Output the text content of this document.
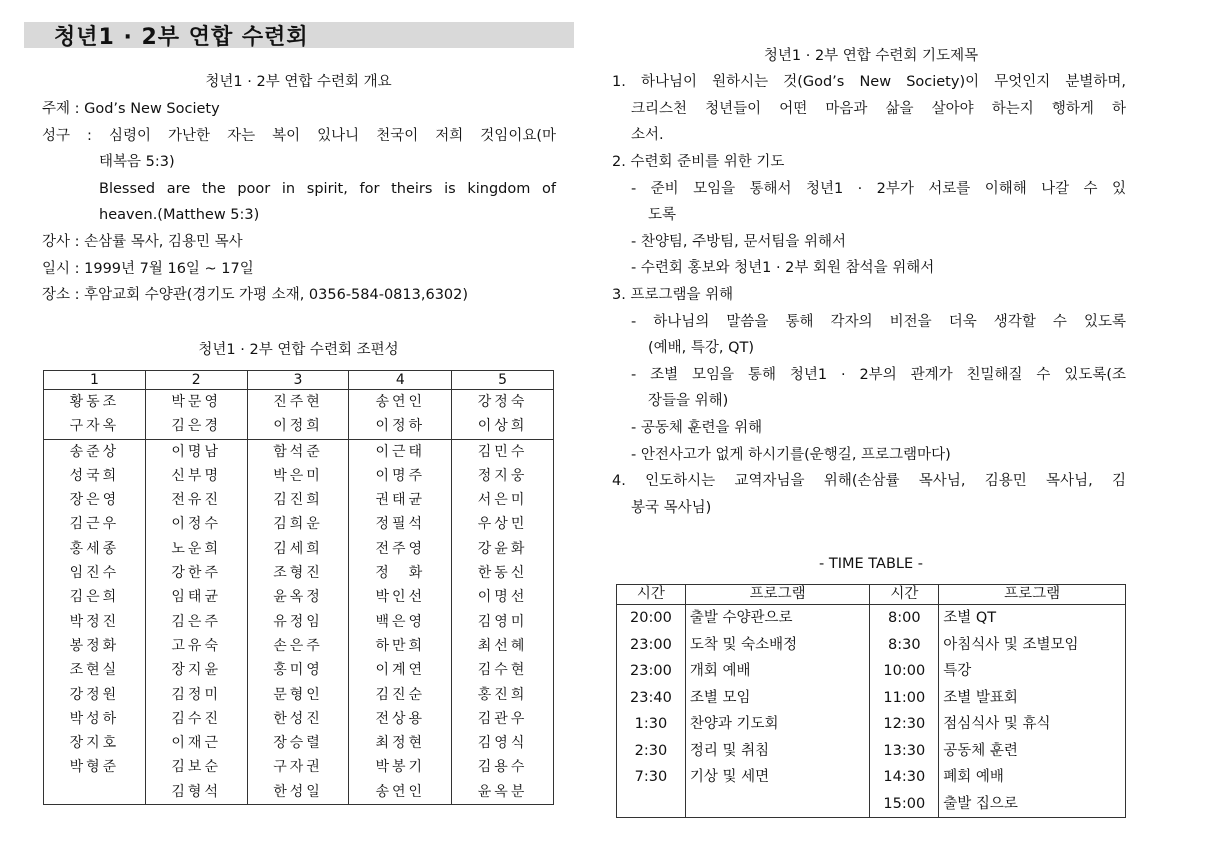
청년1 · 2부 연합 수련회
청년1 · 2부 연합 수련회 개요
주제 : God’s New Society
성구 : 심령이 가난한 자는 복이 있나니 천국이 저희 것임이요(마
태복음 5:3)
Blessed are the poor in spirit, for theirs is kingdom of
heaven.(Matthew 5:3)
강사 : 손삼률 목사, 김용민 목사
일시 : 1999년 7월 16일 ~ 17일
장소 : 후암교회 수양관(경기도 가평 소재, 0356-584-0813,6302)
청년1 · 2부 연합 수련회 조편성
1	2	3	4	5
황동조	박문영	진주현	송연인	강정숙
구자옥	김은경	이정희	이정하	이상희
송준상	이명남	함석준	이근태	김민수
성국희	신부명	박은미	이명주	정지웅
장은영	전유진	김진희	권태균	서은미
김근우	이정수	김희운	정필석	우상민
홍세종	노운희	김세희	전주영	강윤화
임진수	강한주	조형진	정　화	한동신
김은희	임태균	윤옥정	박인선	이명선
박정진	김은주	유정임	백은영	김영미
봉정화	고유숙	손은주	하만희	최선혜
조현실	장지윤	홍미영	이계연	김수현
강정원	김정미	문형인	김진순	홍진희
박성하	김수진	한성진	전상용	김관우
장지호	이재근	장승렬	최정현	김영식
박형준	김보순	구자권	박봉기	김용수
	김형석	한성일	송연인	윤옥분
청년1 · 2부 연합 수련회 기도제목
1. 하나님이 원하시는 것(God’s New Society)이 무엇인지 분별하며,
크리스천 청년들이 어떤 마음과 삶을 살아야 하는지 행하게 하
소서.
2. 수련회 준비를 위한 기도
- 준비 모임을 통해서 청년1 · 2부가 서로를 이해해 나갈 수 있
도록
- 찬양팀, 주방팀, 문서팀을 위해서
- 수련회 홍보와 청년1 · 2부 회원 참석을 위해서
3. 프로그램을 위해
- 하나님의 말씀을 통해 각자의 비전을 더욱 생각할 수 있도록
(예배, 특강, QT)
- 조별 모임을 통해 청년1 · 2부의 관계가 친밀해질 수 있도록(조
장들을 위해)
- 공동체 훈련을 위해
- 안전사고가 없게 하시기를(운행길, 프로그램마다)
4. 인도하시는 교역자님을 위해(손삼률 목사님, 김용민 목사님, 김
봉국 목사님)
- TIME TABLE -
시간	프로그램	시간	프로그램
20:00	출발 수양관으로	8:00	조별 QT
23:00	도착 및 숙소배정	8:30	아침식사 및 조별모임
23:00	개회 예배	10:00	특강
23:40	조별 모임	11:00	조별 발표회
1:30	찬양과 기도회	12:30	점심식사 및 휴식
2:30	정리 및 취침	13:30	공동체 훈련
7:30	기상 및 세면	14:30	폐회 예배
		15:00	출발 집으로
